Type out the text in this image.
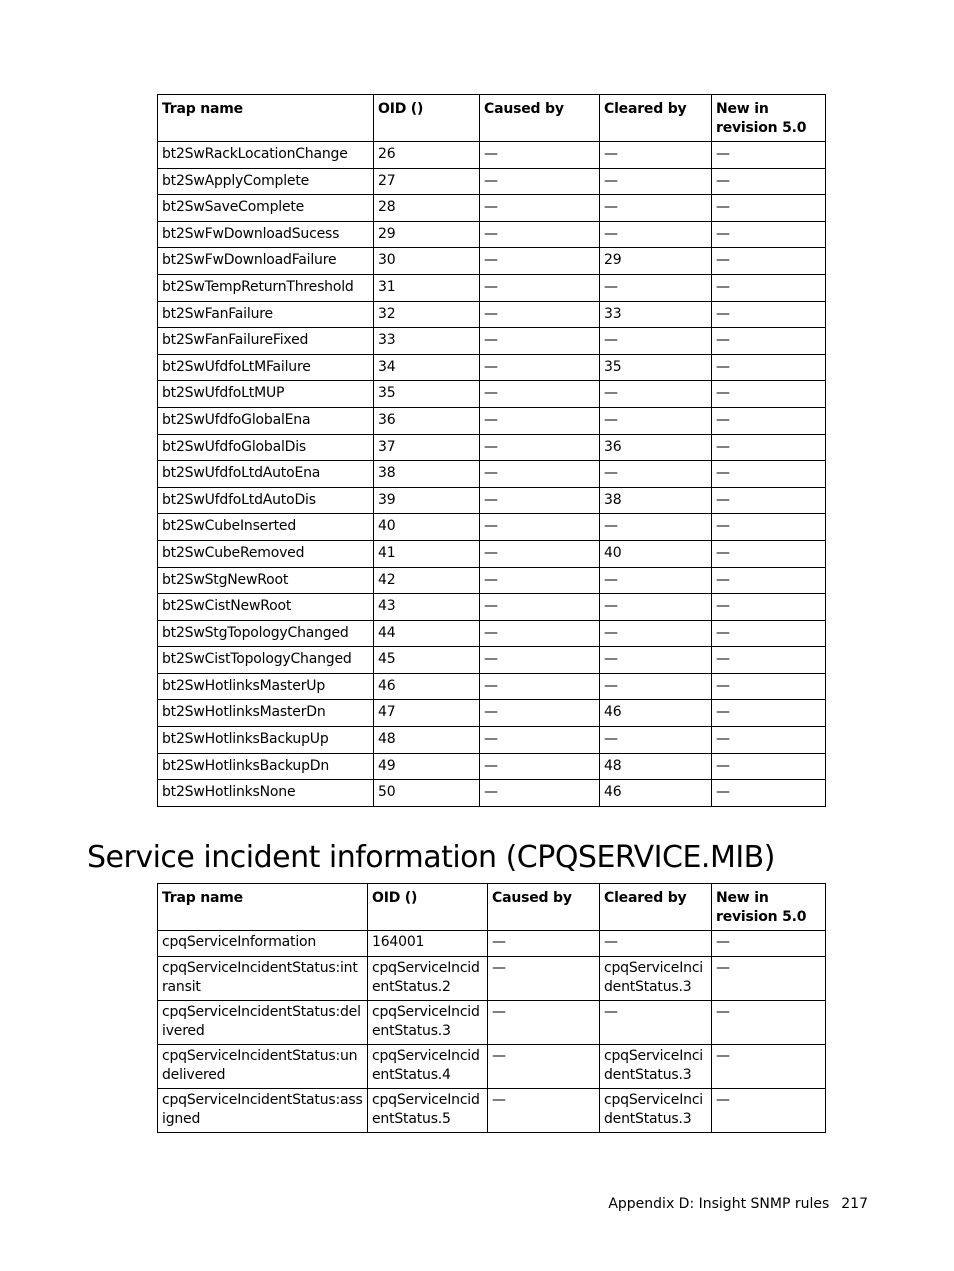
Trap name	OID ()	Caused by	Cleared by	New in revision 5.0
bt2SwRackLocationChange	26	—	—	—
bt2SwApplyComplete	27	—	—	—
bt2SwSaveComplete	28	—	—	—
bt2SwFwDownloadSucess	29	—	—	—
bt2SwFwDownloadFailure	30	—	29	—
bt2SwTempReturnThreshold	31	—	—	—
bt2SwFanFailure	32	—	33	—
bt2SwFanFailureFixed	33	—	—	—
bt2SwUfdfoLtMFailure	34	—	35	—
bt2SwUfdfoLtMUP	35	—	—	—
bt2SwUfdfoGlobalEna	36	—	—	—
bt2SwUfdfoGlobalDis	37	—	36	—
bt2SwUfdfoLtdAutoEna	38	—	—	—
bt2SwUfdfoLtdAutoDis	39	—	38	—
bt2SwCubeInserted	40	—	—	—
bt2SwCubeRemoved	41	—	40	—
bt2SwStgNewRoot	42	—	—	—
bt2SwCistNewRoot	43	—	—	—
bt2SwStgTopologyChanged	44	—	—	—
bt2SwCistTopologyChanged	45	—	—	—
bt2SwHotlinksMasterUp	46	—	—	—
bt2SwHotlinksMasterDn	47	—	46	—
bt2SwHotlinksBackupUp	48	—	—	—
bt2SwHotlinksBackupDn	49	—	48	—
bt2SwHotlinksNone	50	—	46	—
Service incident information (CPQSERVICE.MIB)
Trap name	OID ()	Caused by	Cleared by	New in revision 5.0
cpqServiceInformation	164001	—	—	—
cpqServiceIncidentStatus:intransit	cpqServiceIncidentStatus.2	—	cpqServiceIncidentStatus.3	—
cpqServiceIncidentStatus:delivered	cpqServiceIncidentStatus.3	—	—	—
cpqServiceIncidentStatus:undelivered	cpqServiceIncidentStatus.4	—	cpqServiceIncidentStatus.3	—
cpqServiceIncidentStatus:assigned	cpqServiceIncidentStatus.5	—	cpqServiceIncidentStatus.3	—
Appendix D: Insight SNMP rules 217
